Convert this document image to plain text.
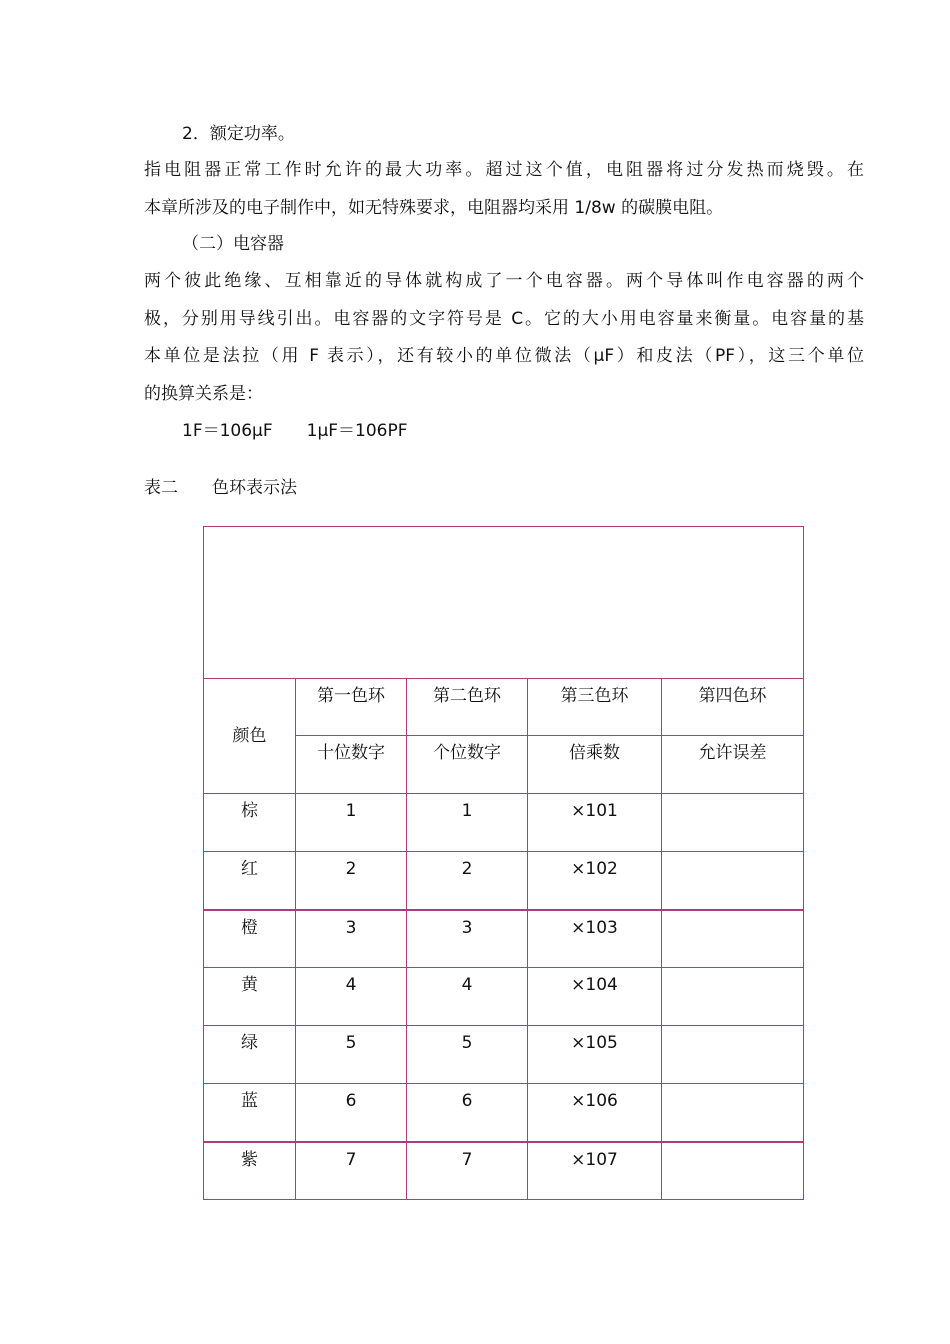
2．额定功率。
指电阻器正常工作时允许的最大功率。超过这个值，电阻器将过分发热而烧毁。在
本章所涉及的电子制作中，如无特殊要求，电阻器均采用 1/8w 的碳膜电阻。
（二）电容器
两个彼此绝缘、互相靠近的导体就构成了一个电容器。两个导体叫作电容器的两个
极，分别用导线引出。电容器的文字符号是 C。它的大小用电容量来衡量。电容量的基
本单位是法拉（用 F 表示），还有较小的单位微法（μF）和皮法（PF），这三个单位
的换算关系是：
1F＝106μF　　1μF＝106PF
表二　　色环表示法

颜色	第一色环	第二色环	第三色环	第四色环

	十位数字	个位数字	倍乘数	允许误差

棕	1	1	×101	

红	2	2	×102	

橙	3	3	×103	

黄	4	4	×104	

绿	5	5	×105	

蓝	6	6	×106	

紫	7	7	×107	
